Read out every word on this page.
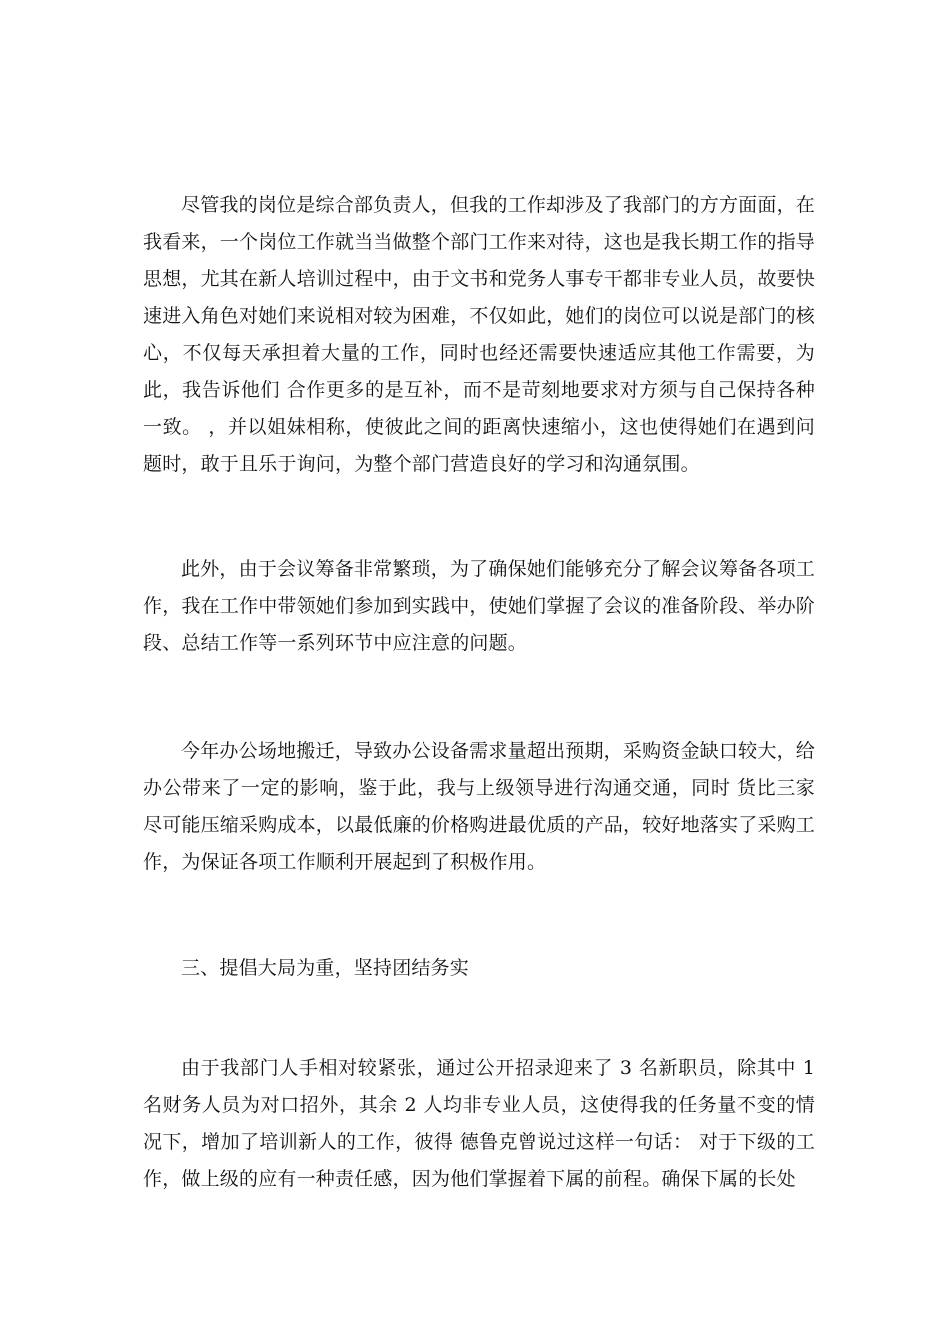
尽管我的岗位是综合部负责人，但我的工作却涉及了我部门的方方面面，在我看来，一个岗位工作就当当做整个部门工作来对待，这也是我长期工作的指导思想，尤其在新人培训过程中，由于文书和党务人事专干都非专业人员，故要快速进入角色对她们来说相对较为困难，不仅如此，她们的岗位可以说是部门的核心，不仅每天承担着大量的工作，同时也经还需要快速适应其他工作需要，为此，我告诉他们 合作更多的是互补，而不是苛刻地要求对方须与自己保持各种一致。 ，并以姐妹相称，使彼此之间的距离快速缩小，这也使得她们在遇到问题时，敢于且乐于询问，为整个部门营造良好的学习和沟通氛围。

此外，由于会议筹备非常繁琐，为了确保她们能够充分了解会议筹备各项工作，我在工作中带领她们参加到实践中，使她们掌握了会议的准备阶段、举办阶段、总结工作等一系列环节中应注意的问题。

今年办公场地搬迁，导致办公设备需求量超出预期，采购资金缺口较大，给办公带来了一定的影响，鉴于此，我与上级领导进行沟通交通，同时 货比三家尽可能压缩采购成本，以最低廉的价格购进最优质的产品，较好地落实了采购工作，为保证各项工作顺利开展起到了积极作用。

三、提倡大局为重，坚持团结务实

由于我部门人手相对较紧张，通过公开招录迎来了 3 名新职员，除其中 1 名财务人员为对口招外，其余 2 人均非专业人员，这使得我的任务量不变的情况下，增加了培训新人的工作，彼得 德鲁克曾说过这样一句话： 对于下级的工作，做上级的应有一种责任感，因为他们掌握着下属的前程。确保下属的长处
